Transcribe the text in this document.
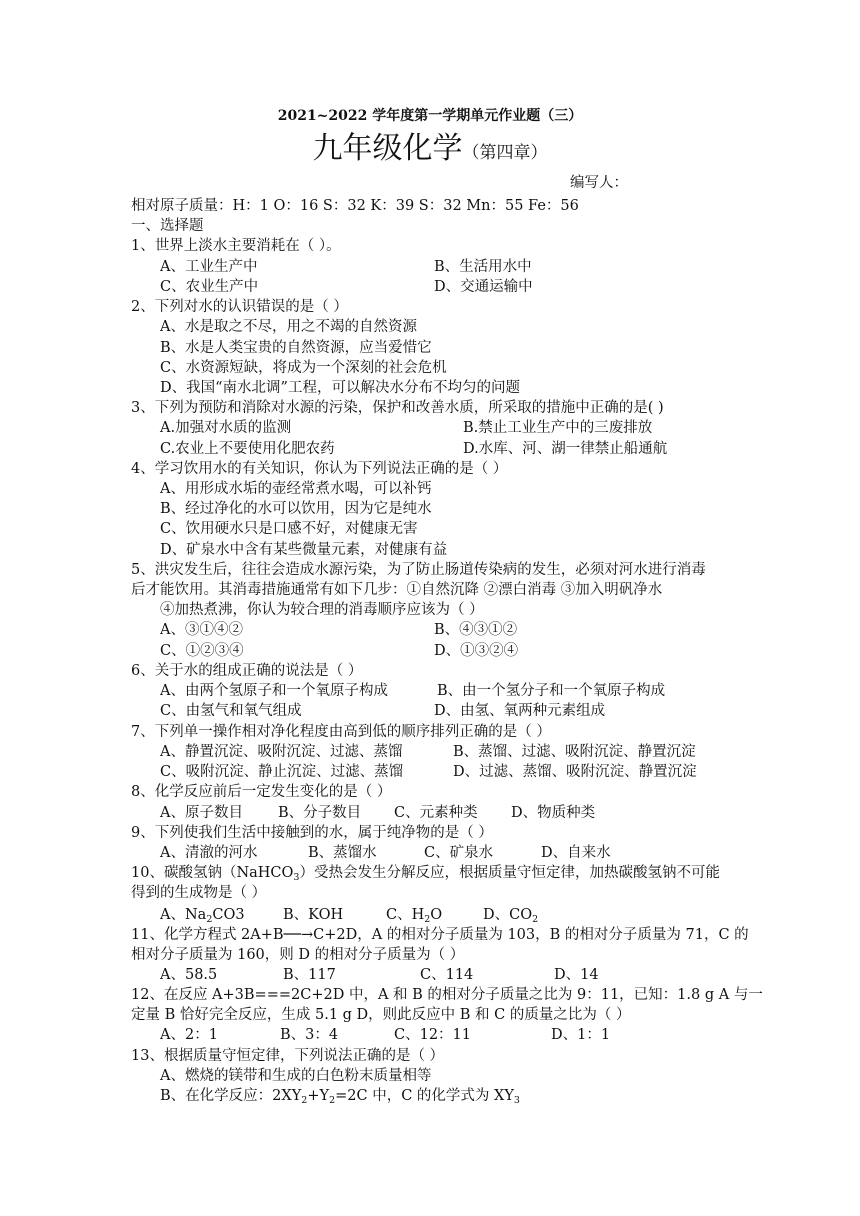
2021~2022 学年度第一学期单元作业题（三）
九年级化学（第四章）
编写人：
相对原子质量：H：1 O：16 S：32 K：39 S：32 Mn：55 Fe：56
一、选择题
1、世界上淡水主要消耗在（ ）。
A、工业生产中	B、生活用水中
C、农业生产中	D、交通运输中
2、下列对水的认识错误的是（ ）
A、水是取之不尽，用之不竭的自然资源
B、水是人类宝贵的自然资源，应当爱惜它
C、水资源短缺，将成为一个深刻的社会危机
D、我国“南水北调”工程，可以解决水分布不均匀的问题
3、下列为预防和消除对水源的污染，保护和改善水质，所采取的措施中正确的是( )
A.加强对水质的监测	B.禁止工业生产中的三废排放
C.农业上不要使用化肥农药	D.水库、河、湖一律禁止船通航
4、学习饮用水的有关知识，你认为下列说法正确的是（ ）
A、用形成水垢的壶经常煮水喝，可以补钙
B、经过净化的水可以饮用，因为它是纯水
C、饮用硬水只是口感不好，对健康无害
D、矿泉水中含有某些微量元素，对健康有益
5、洪灾发生后，往往会造成水源污染，为了防止肠道传染病的发生，必须对河水进行消毒
后才能饮用。其消毒措施通常有如下几步：①自然沉降 ②漂白消毒 ③加入明矾净水
④加热煮沸，你认为较合理的消毒顺序应该为（ ）
A、③①④②	B、④③①②
C、①②③④	D、①③②④
6、关于水的组成正确的说法是（ ）
A、由两个氢原子和一个氧原子构成	B、由一个氢分子和一个氧原子构成
C、由氢气和氧气组成	D、由氢、氧两种元素组成
7、下列单一操作相对净化程度由高到低的顺序排列正确的是（ ）
A、静置沉淀、吸附沉淀、过滤、蒸馏	B、蒸馏、过滤、吸附沉淀、静置沉淀
C、吸附沉淀、静止沉淀、过滤、蒸馏	D、过滤、蒸馏、吸附沉淀、静置沉淀
8、化学反应前后一定发生变化的是（ ）
A、原子数目 B、分子数目 C、元素种类 D、物质种类
9、下列使我们生活中接触到的水，属于纯净物的是（ ）
A、清澈的河水	B、蒸馏水	C、矿泉水	D、自来水
10、碳酸氢钠（NaHCO$_3$）受热会发生分解反应，根据质量守恒定律，加热碳酸氢钠不可能
得到的生成物是（ ）
A、$Na_2CO3$	B、KOH	C、$H_2O$	D、$CO_2$
11、化学方程式 2A+B──→C+2D，A 的相对分子质量为 103，B 的相对分子质量为 71，C 的
相对分子质量为 160，则 D 的相对分子质量为（ ）
A、58.5	B、117	C、114	D、14
12、在反应 A+3B===2C+2D 中，A 和 B 的相对分子质量之比为 9：11，已知：1.8 g A 与一
定量 B 恰好完全反应，生成 5.1 g D，则此反应中 B 和 C 的质量之比为（ ）
A、2：1	B、3：4	C、12：11	D、1：1
13、根据质量守恒定律，下列说法正确的是（ ）
A、燃烧的镁带和生成的白色粉末质量相等
B、在化学反应：$2XY_2+Y_2=2C$ 中，C 的化学式为 $XY_3$
